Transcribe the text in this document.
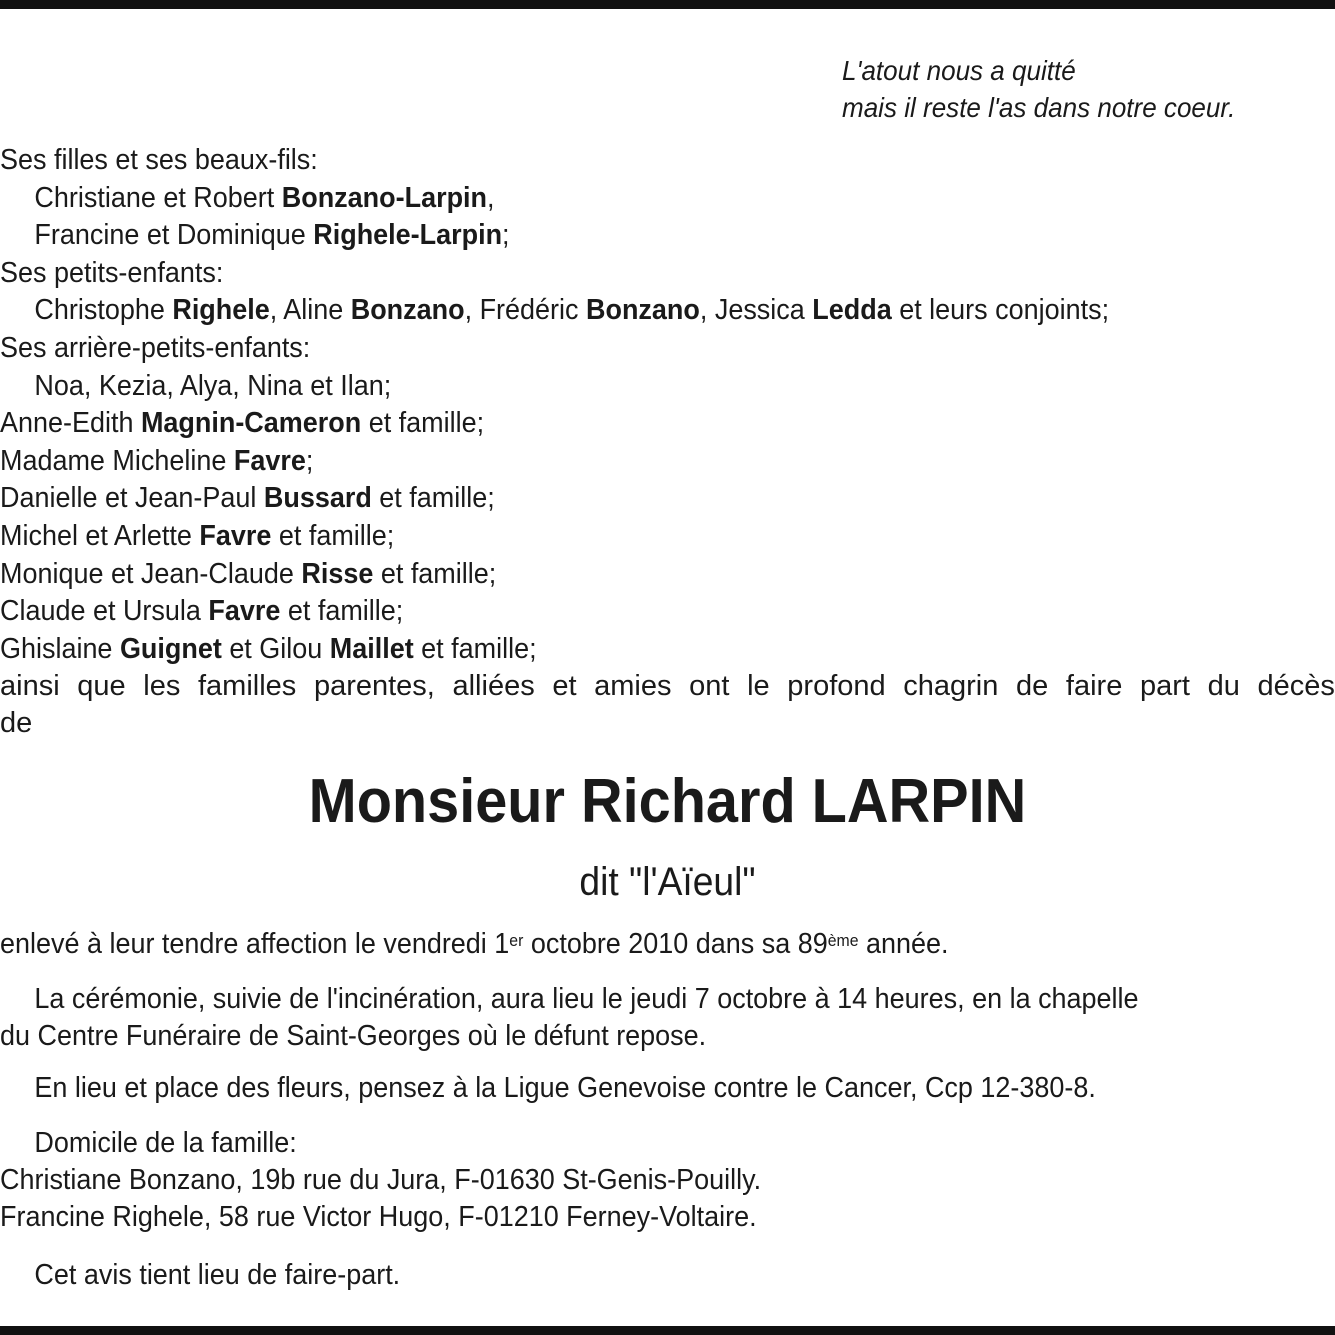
L'atout nous a quitté
mais il reste l'as dans notre coeur.
Ses filles et ses beaux-fils:
Christiane et Robert Bonzano-Larpin,
Francine et Dominique Righele-Larpin;
Ses petits-enfants:
Christophe Righele, Aline Bonzano, Frédéric Bonzano, Jessica Ledda et leurs conjoints;
Ses arrière-petits-enfants:
Noa, Kezia, Alya, Nina et Ilan;
Anne-Edith Magnin-Cameron et famille;
Madame Micheline Favre;
Danielle et Jean-Paul Bussard et famille;
Michel et Arlette Favre et famille;
Monique et Jean-Claude Risse et famille;
Claude et Ursula Favre et famille;
Ghislaine Guignet et Gilou Maillet et famille;
ainsi que les familles parentes, alliées et amies ont le profond chagrin de faire part du décès
de
Monsieur Richard LARPIN
dit "l'Aïeul"
enlevé à leur tendre affection le vendredi 1er octobre 2010 dans sa 89ème année.
La cérémonie, suivie de l'incinération, aura lieu le jeudi 7 octobre à 14 heures, en la chapelle
du Centre Funéraire de Saint-Georges où le défunt repose.
En lieu et place des fleurs, pensez à la Ligue Genevoise contre le Cancer, Ccp 12-380-8.
Domicile de la famille:
Christiane Bonzano, 19b rue du Jura, F-01630 St-Genis-Pouilly.
Francine Righele, 58 rue Victor Hugo, F-01210 Ferney-Voltaire.
Cet avis tient lieu de faire-part.
